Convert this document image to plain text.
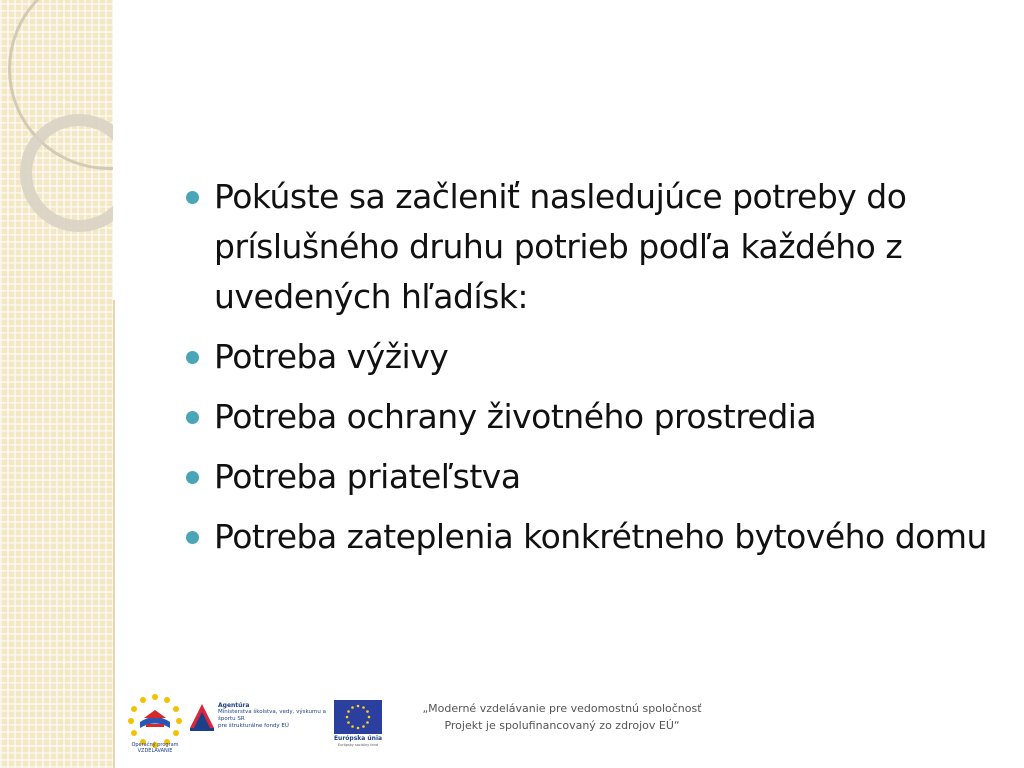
Pokúste sa začleniť nasledujúce potreby do príslušného druhu potrieb podľa každého z uvedených hľadísk:
Potreba výživy
Potreba ochrany životného prostredia
Potreba priateľstva
Potreba zateplenia konkrétneho bytového domu
Operačný program VZDELÁVANIE
Agentúra
Ministerstva školstva, vedy, výskumu a športu SR
pre štrukturálne fondy EÚ
Európska únia
Európsky sociálny fond
„Moderné vzdelávanie pre vedomostnú spoločnosť
Projekt je spolufinancovaný zo zdrojov EÚ“
